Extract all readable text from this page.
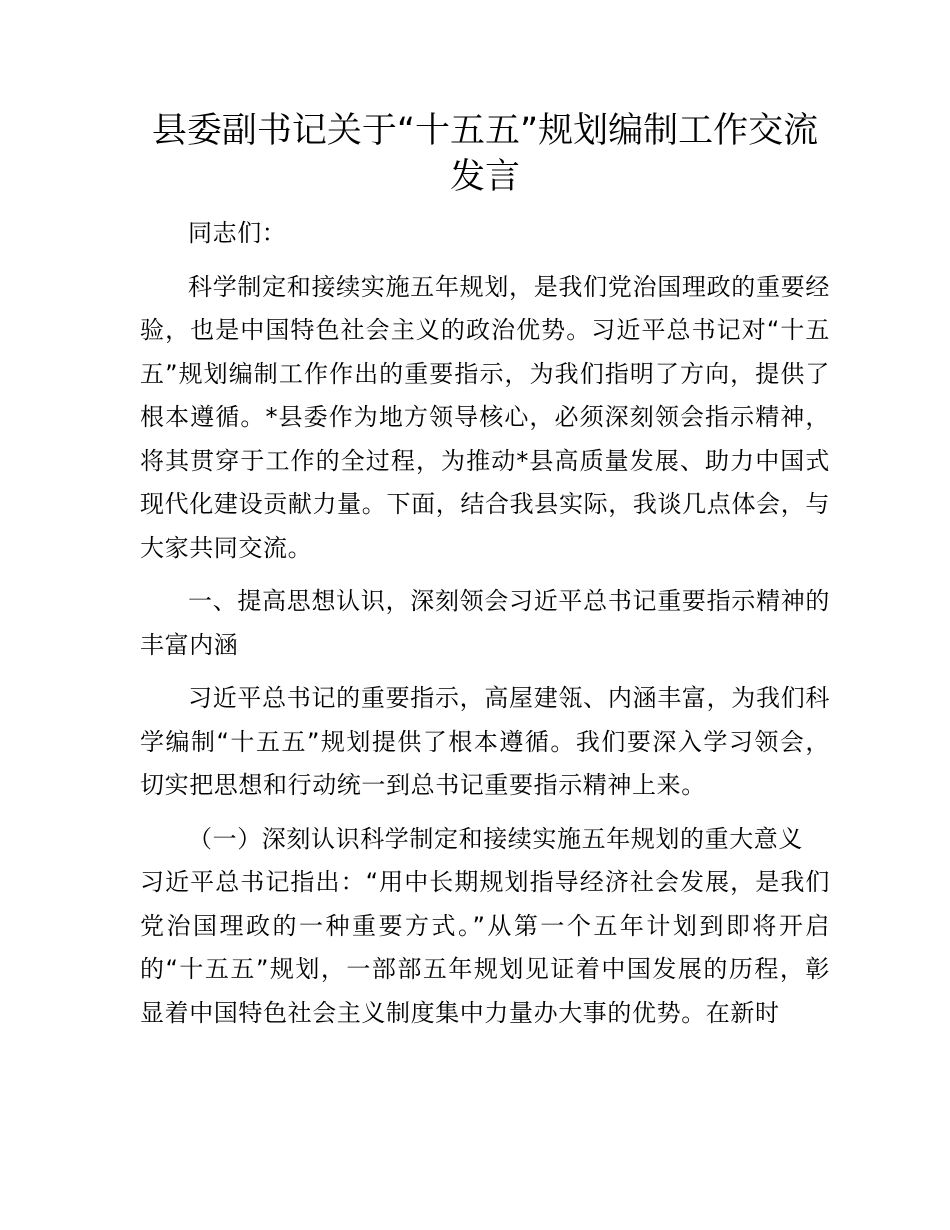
县委副书记关于“十五五”规划编制工作交流发言

同志们：

科学制定和接续实施五年规划，是我们党治国理政的重要经验，也是中国特色社会主义的政治优势。习近平总书记对“十五五”规划编制工作作出的重要指示，为我们指明了方向，提供了根本遵循。*县委作为地方领导核心，必须深刻领会指示精神，将其贯穿于工作的全过程，为推动*县高质量发展、助力中国式现代化建设贡献力量。下面，结合我县实际，我谈几点体会，与大家共同交流。

一、提高思想认识，深刻领会习近平总书记重要指示精神的丰富内涵

习近平总书记的重要指示，高屋建瓴、内涵丰富，为我们科学编制“十五五”规划提供了根本遵循。我们要深入学习领会，切实把思想和行动统一到总书记重要指示精神上来。

（一）深刻认识科学制定和接续实施五年规划的重大意义

习近平总书记指出：“用中长期规划指导经济社会发展，是我们党治国理政的一种重要方式。”从第一个五年计划到即将开启的“十五五”规划，一部部五年规划见证着中国发展的历程，彰显着中国特色社会主义制度集中力量办大事的优势。在新时
